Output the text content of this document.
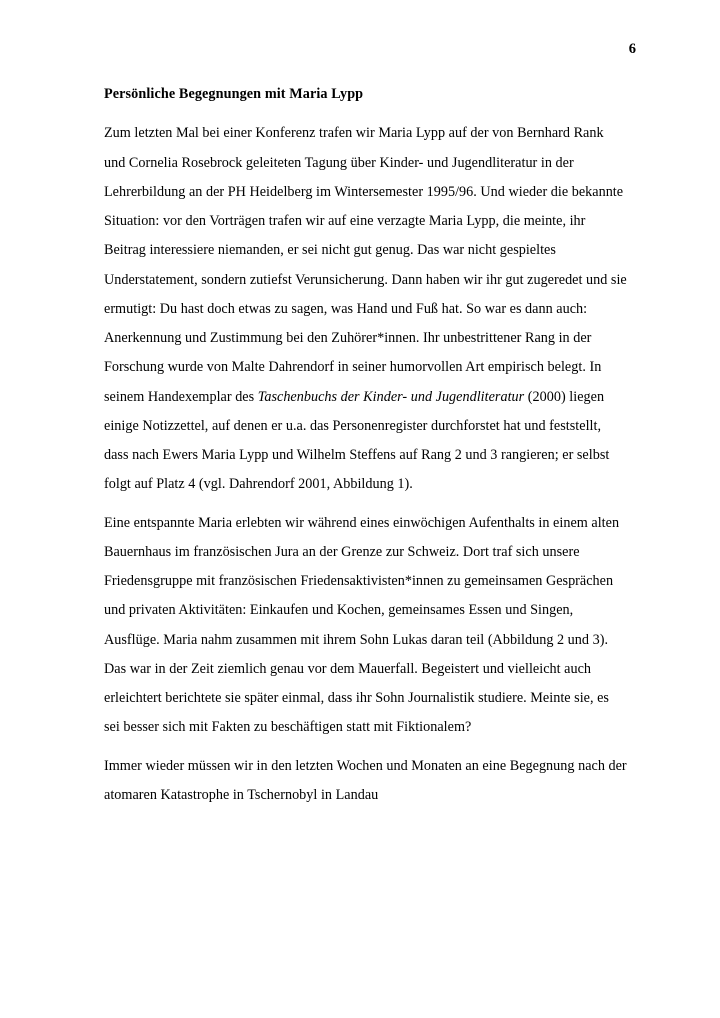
6
Persönliche Begegnungen mit Maria Lypp

Zum letzten Mal bei einer Konferenz trafen wir Maria Lypp auf der von Bernhard Rank und Cornelia Rosebrock geleiteten Tagung über Kinder- und Jugendliteratur in der Lehrerbildung an der PH Heidelberg im Wintersemester 1995/96. Und wieder die bekannte Situation: vor den Vorträgen trafen wir auf eine verzagte Maria Lypp, die meinte, ihr Beitrag interessiere niemanden, er sei nicht gut genug. Das war nicht gespieltes Understatement, sondern zutiefst Verunsicherung. Dann haben wir ihr gut zugeredet und sie ermutigt: Du hast doch etwas zu sagen, was Hand und Fuß hat. So war es dann auch: Anerkennung und Zustimmung bei den Zuhörer*innen. Ihr unbestrittener Rang in der Forschung wurde von Malte Dahrendorf in seiner humorvollen Art empirisch belegt. In seinem Handexemplar des Taschenbuchs der Kinder- und Jugendliteratur (2000) liegen einige Notizzettel, auf denen er u.a. das Personenregister durchforstet hat und feststellt, dass nach Ewers Maria Lypp und Wilhelm Steffens auf Rang 2 und 3 rangieren; er selbst folgt auf Platz 4 (vgl. Dahrendorf 2001, Abbildung 1).

Eine entspannte Maria erlebten wir während eines einwöchigen Aufenthalts in einem alten Bauernhaus im französischen Jura an der Grenze zur Schweiz. Dort traf sich unsere Friedensgruppe mit französischen Friedensaktivisten*innen zu gemeinsamen Gesprächen und privaten Aktivitäten: Einkaufen und Kochen, gemeinsames Essen und Singen, Ausflüge. Maria nahm zusammen mit ihrem Sohn Lukas daran teil (Abbildung 2 und 3). Das war in der Zeit ziemlich genau vor dem Mauerfall. Begeistert und vielleicht auch erleichtert berichtete sie später einmal, dass ihr Sohn Journalistik studiere. Meinte sie, es sei besser sich mit Fakten zu beschäftigen statt mit Fiktionalem?

Immer wieder müssen wir in den letzten Wochen und Monaten an eine Begegnung nach der atomaren Katastrophe in Tschernobyl in Landau
